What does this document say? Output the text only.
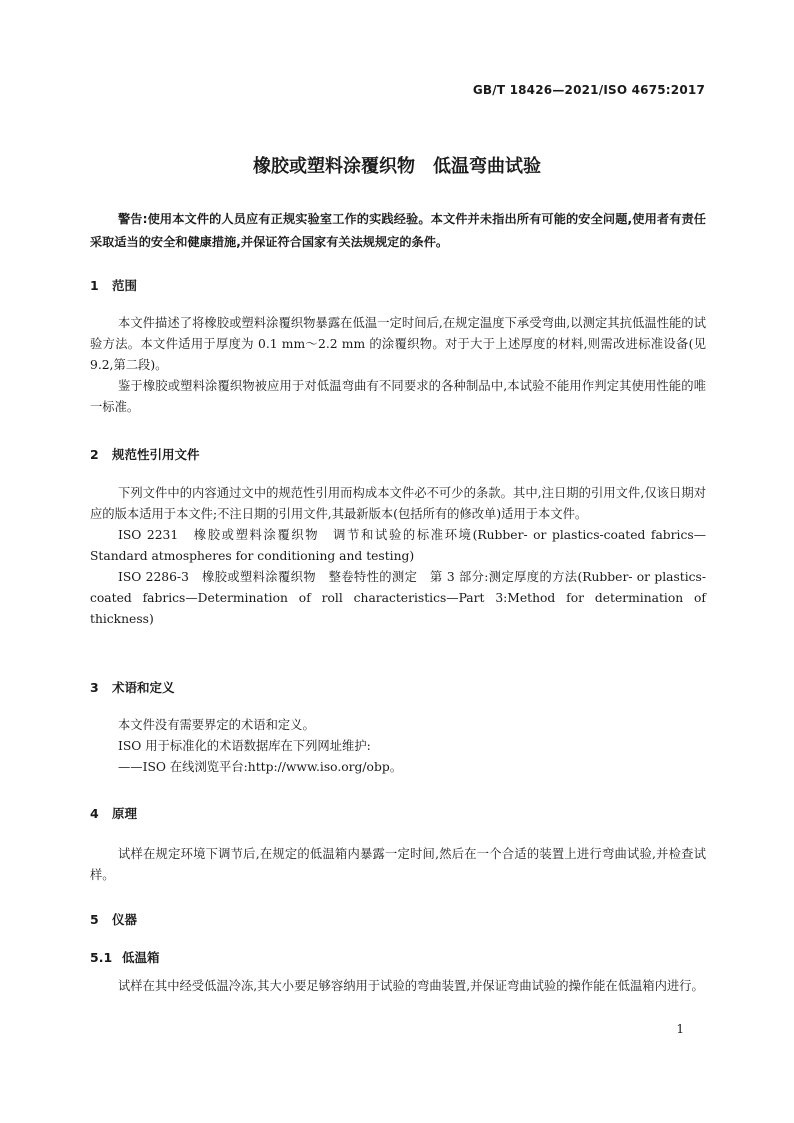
GB/T 18426—2021/ISO 4675:2017
橡胶或塑料涂覆织物　低温弯曲试验

警告:使用本文件的人员应有正规实验室工作的实践经验。本文件并未指出所有可能的安全问题,使用者有责任采取适当的安全和健康措施,并保证符合国家有关法规规定的条件。

1 范围

本文件描述了将橡胶或塑料涂覆织物暴露在低温一定时间后,在规定温度下承受弯曲,以测定其抗低温性能的试验方法。本文件适用于厚度为 0.1 mm～2.2 mm 的涂覆织物。对于大于上述厚度的材料,则需改进标准设备(见 9.2,第二段)。

鉴于橡胶或塑料涂覆织物被应用于对低温弯曲有不同要求的各种制品中,本试验不能用作判定其使用性能的唯一标准。

2 规范性引用文件

下列文件中的内容通过文中的规范性引用而构成本文件必不可少的条款。其中,注日期的引用文件,仅该日期对应的版本适用于本文件;不注日期的引用文件,其最新版本(包括所有的修改单)适用于本文件。

ISO 2231　橡胶或塑料涂覆织物　调节和试验的标准环境(Rubber- or plastics-coated fabrics—Standard atmospheres for conditioning and testing)

ISO 2286-3　橡胶或塑料涂覆织物　整卷特性的测定　第 3 部分:测定厚度的方法(Rubber- or plastics-coated fabrics—Determination of roll characteristics—Part 3:Method for determination of thickness)

3 术语和定义

本文件没有需要界定的术语和定义。

ISO 用于标准化的术语数据库在下列网址维护:

——ISO 在线浏览平台:http://www.iso.org/obp。

4 原理

试样在规定环境下调节后,在规定的低温箱内暴露一定时间,然后在一个合适的装置上进行弯曲试验,并检查试样。

5 仪器
5.1 低温箱

试样在其中经受低温冷冻,其大小要足够容纳用于试验的弯曲装置,并保证弯曲试验的操作能在低温箱内进行。

1
